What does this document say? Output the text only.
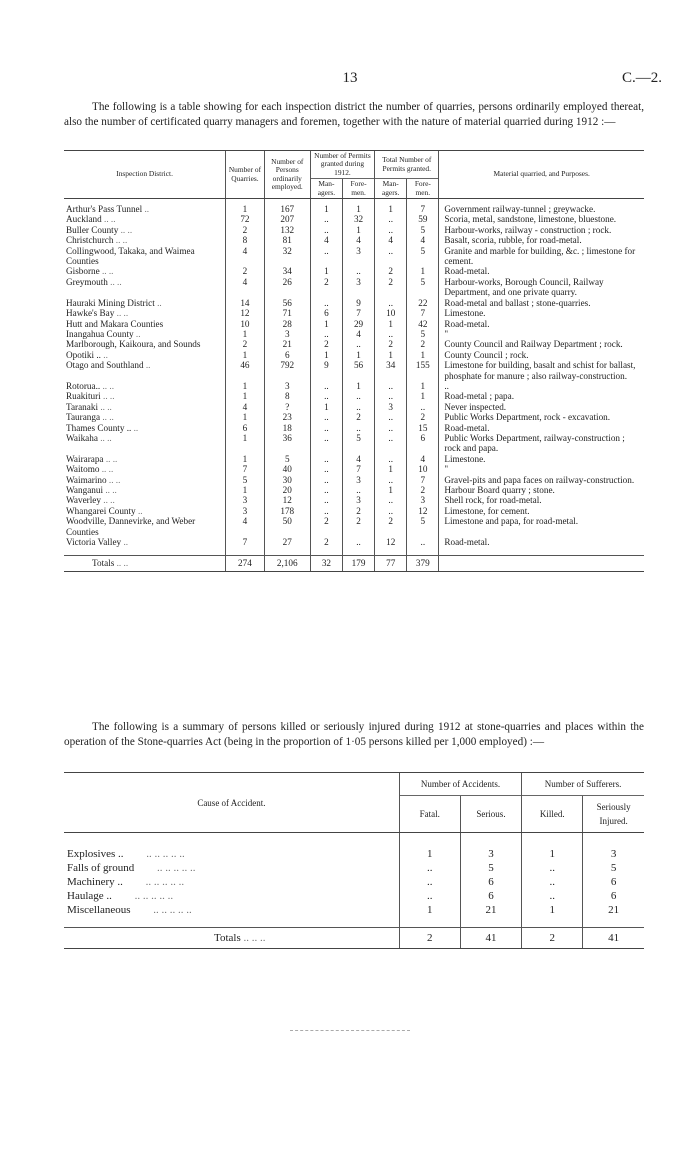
13	C.—2.

The following is a table showing for each inspection district the number of quarries, persons ordinarily employed thereat, also the number of certificated quarry managers and foremen, together with the nature of material quarried during 1912 :—

Inspection District.	Number of Quarries.	Number of Persons ordinarily employed.	Number of Permits granted during 1912.		Total Number of Permits granted.		Material quarried, and Purposes.
			Man-agers.	Fore-men.	Man-agers.	Fore-men.	

Arthur's Pass Tunnel ..	1	167	1	1	1	7	Government railway-tunnel ; greywacke.
Auckland .. ..	72	207	..	32	..	59	Scoria, metal, sandstone, limestone, bluestone.
Buller County .. ..	2	132	..	1	..	5	Harbour-works, railway - construction ; rock.
Christchurch .. ..	8	81	4	4	4	4	Basalt, scoria, rubble, for road-metal.
Collingwood, Takaka, and Waimea Counties	4	32	..	3	..	5	Granite and marble for building, &c. ; limestone for cement.
Gisborne .. ..	2	34	1	..	2	1	Road-metal.
Greymouth .. ..	4	26	2	3	2	5	Harbour-works, Borough Council, Railway Department, and one private quarry.
Hauraki Mining District ..	14	56	..	9	..	22	Road-metal and ballast ; stone-quarries.
Hawke's Bay .. ..	12	71	6	7	10	7	Limestone.
Hutt and Makara Counties	10	28	1	29	1	42	Road-metal.
Inangahua County ..	1	3	..	4	..	5	"
Marlborough, Kaikoura, and Sounds	2	21	2	..	2	2	County Council and Railway Department ; rock.
Opotiki .. ..	1	6	1	1	1	1	County Council ; rock.
Otago and Southland ..	46	792	9	56	34	155	Limestone for building, basalt and schist for ballast, phosphate for manure ; also railway-construction.
Rotorua.. .. ..	1	3	..	1	..	1	..
Ruakituri .. ..	1	8	..	..	..	1	Road-metal ; papa.
Taranaki .. ..	4	?	1	..	3	..	Never inspected.
Tauranga .. ..	1	23	..	2	..	2	Public Works Department, rock - excavation.
Thames County .. ..	6	18	..	..	..	15	Road-metal.
Waikaha .. ..	1	36	..	5	..	6	Public Works Department, railway-construction ; rock and papa.
Wairarapa .. ..	1	5	..	4	..	4	Limestone.
Waitomo .. ..	7	40	..	7	1	10	"
Waimarino .. ..	5	30	..	3	..	7	Gravel-pits and papa faces on railway-construction.
Wanganui .. ..	1	20	..	..	1	2	Harbour Board quarry ; stone.
Waverley .. ..	3	12	..	3	..	3	Shell rock, for road-metal.
Whangarei County ..	3	178	..	2	..	12	Limestone, for cement.
Woodville, Dannevirke, and Weber Counties	4	50	2	2	2	5	Limestone and papa, for road-metal.
Victoria Valley ..	7	27	2	..	12	..	Road-metal.

Totals .. ..	274	2,106	32	179	77	379	

The following is a summary of persons killed or seriously injured during 1912 at stone-quarries and places within the operation of the Stone-quarries Act (being in the proportion of 1·05 persons killed per 1,000 employed) :—

Cause of Accident.	Number of Accidents.		Number of Sufferers.	
	Fatal.	Serious.	Killed.	Seriously Injured.

Explosives .. .. .. .. .. ..	1	3	1	3
Falls of ground .. .. .. .. ..	..	5	..	5
Machinery .. .. .. .. .. ..	..	6	..	6
Haulage .. .. .. .. .. ..	..	6	..	6
Miscellaneous .. .. .. .. ..	1	21	1	21

Totals .. .. ..	2	41	2	41
